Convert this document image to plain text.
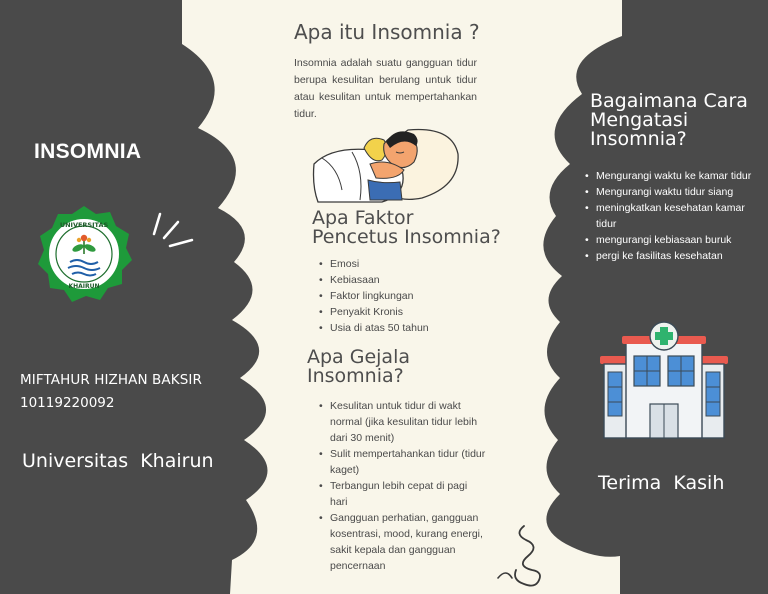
INSOMNIA
UNIVERSITAS
KHAIRUN
MIFTAHUR HIZHAN BAKSIR
10119220092
Universitas  Khairun
Apa itu Insomnia ?

Insomnia adalah suatu gangguan tidur berupa kesulitan berulang untuk tidur atau kesulitan untuk mempertahankan tidur.

Apa Faktor
Pencetus Insomnia?
• Emosi
• Kebiasaan
• Faktor lingkungan
• Penyakit Kronis
• Usia di atas 50 tahun
Apa Gejala
Insomnia?
• Kesulitan untuk tidur di wakt normal (jika kesulitan tidur lebih dari 30 menit)
• Sulit mempertahankan tidur (tidur kaget)
• Terbangun lebih cepat di pagi hari
• Gangguan perhatian, gangguan kosentrasi, mood, kurang energi, sakit kepala dan gangguan pencernaan
Bagaimana Cara
Mengatasi
Insomnia?
• Mengurangi waktu ke kamar tidur
• Mengurangi waktu tidur siang
• meningkatkan kesehatan kamar tidur
• mengurangi kebiasaan buruk
• pergi ke fasilitas kesehatan
Terima  Kasih
